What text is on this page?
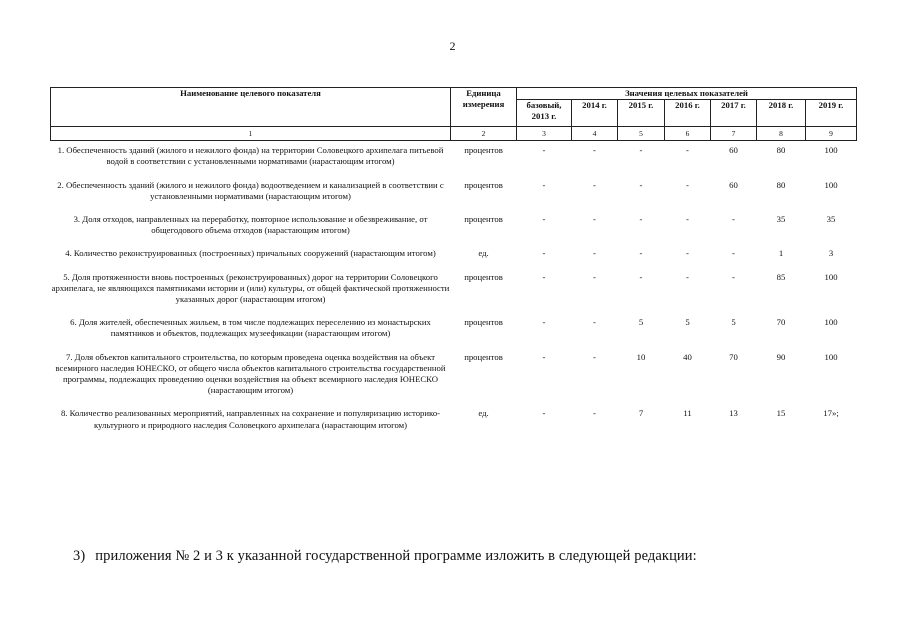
2
Наименование целевого показателя	Единица измерения	Значения целевых показателей						
		базовый, 2013 г.	2014 г.	2015 г.	2016 г.	2017 г.	2018 г.	2019 г.
1	2	3	4	5	6	7	8	9
1. Обеспеченность зданий (жилого и нежилого фонда) на территории Соловецкого архипелага питьевой водой в соответствии с установленными нормативами (нарастающим итогом)	процентов	-	-	-	-	60	80	100
2. Обеспеченность зданий (жилого и нежилого фонда) водоотведением и канализацией в соответствии с установленными нормативами (нарастающим итогом)	процентов	-	-	-	-	60	80	100
3. Доля отходов, направленных на переработку, повторное использование и обезвреживание, от общегодового объема отходов (нарастающим итогом)	процентов	-	-	-	-	-	35	35
4. Количество реконструированных (построенных) причальных сооружений (нарастающим итогом)	ед.	-	-	-	-	-	1	3
5. Доля протяженности вновь построенных (реконструированных) дорог на территории Соловецкого архипелага, не являющихся памятниками истории и (или) культуры, от общей фактической протяженности указанных дорог (нарастающим итогом)	процентов	-	-	-	-	-	85	100
6. Доля жителей, обеспеченных жильем, в том числе подлежащих переселению из монастырских памятников и объектов, подлежащих музеефикации (нарастающим итогом)	процентов	-	-	5	5	5	70	100
7. Доля объектов капитального строительства, по которым проведена оценка воздействия на объект всемирного наследия ЮНЕСКО, от общего числа объектов капитального строительства государственной программы, подлежащих проведению оценки воздействия на объект всемирного наследия ЮНЕСКО (нарастающим итогом)	процентов	-	-	10	40	70	90	100
8. Количество реализованных мероприятий, направленных на сохранение и популяризацию историко-культурного и природного наследия Соловецкого архипелага (нарастающим итогом)	ед.	-	-	7	11	13	15	17»;
3) приложения № 2 и 3 к указанной государственной программе изложить в следующей редакции:
